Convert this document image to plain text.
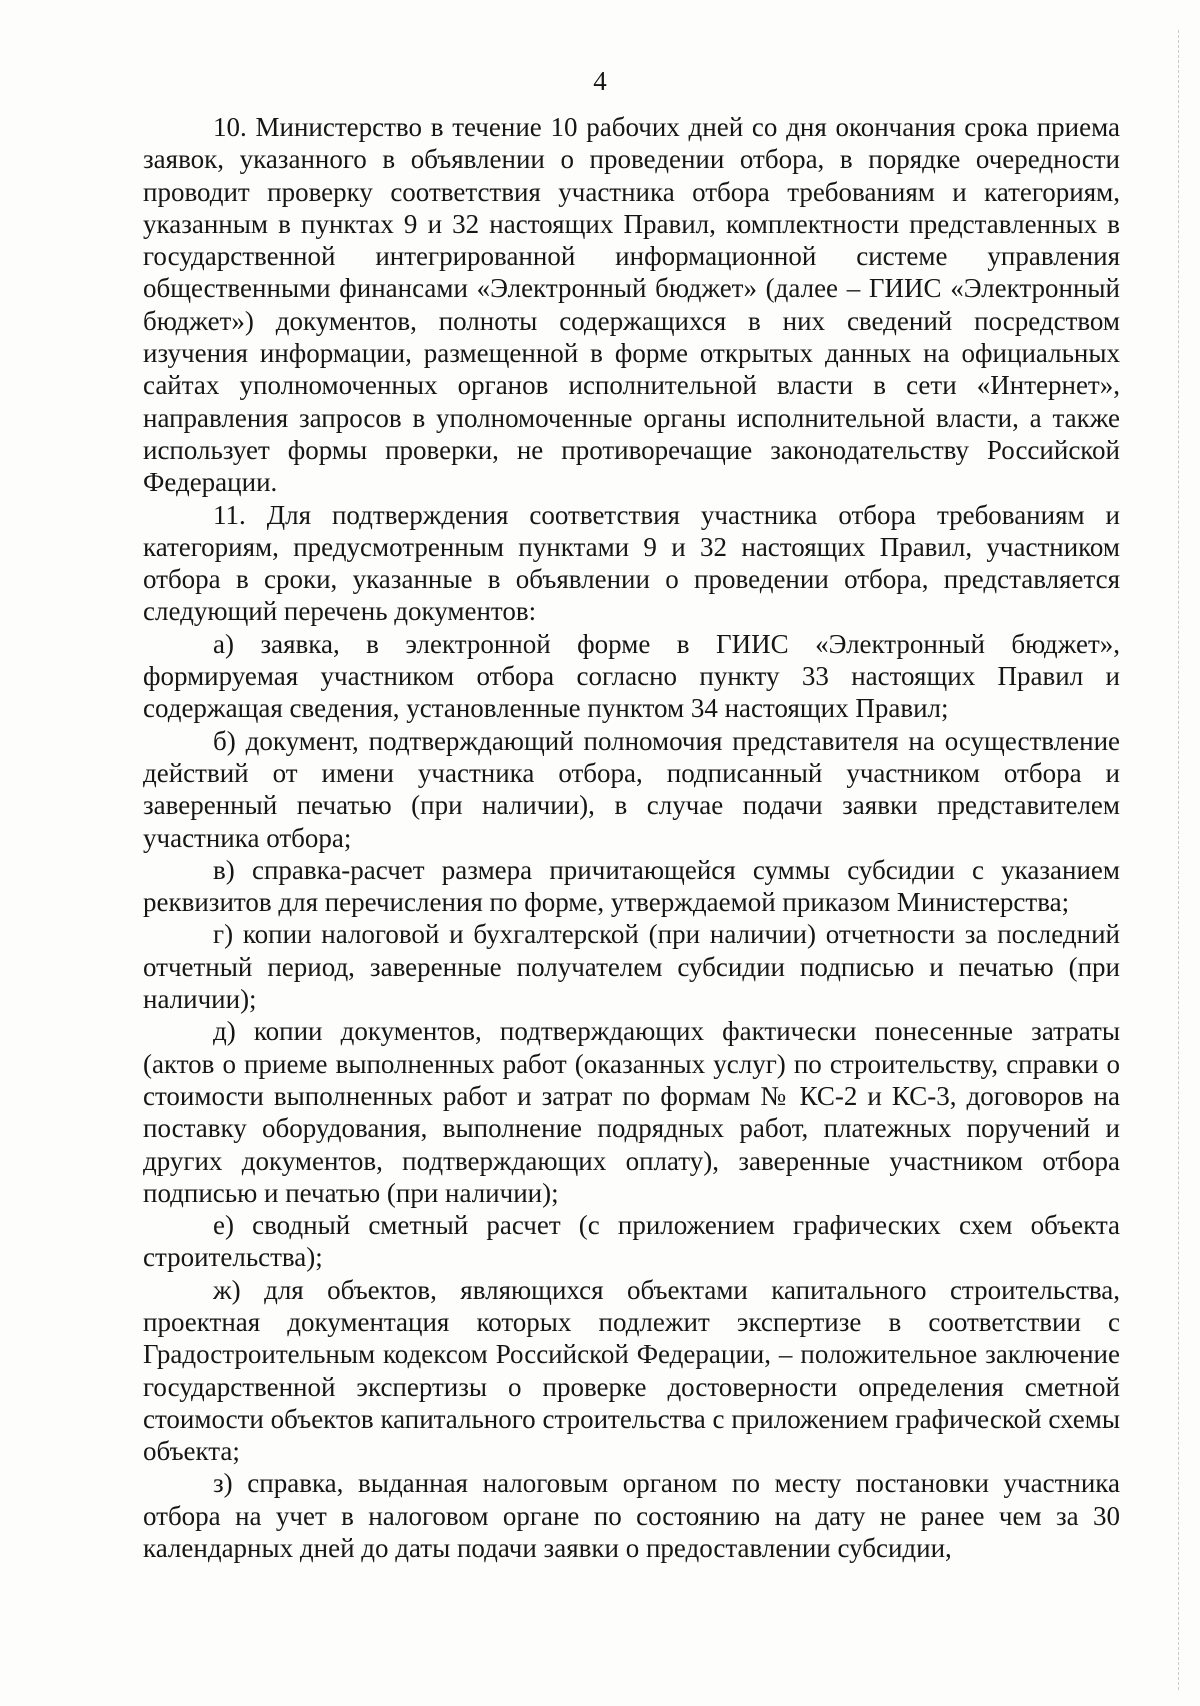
4

10. Министерство в течение 10 рабочих дней со дня окончания срока приема заявок, указанного в объявлении о проведении отбора, в порядке очередности проводит проверку соответствия участника отбора требованиям и категориям, указанным в пунктах 9 и 32 настоящих Правил, комплектности представленных в государственной интегрированной информационной системе управления общественными финансами «Электронный бюджет» (далее – ГИИС «Электронный бюджет») документов, полноты содержащихся в них сведений посредством изучения информации, размещенной в форме открытых данных на официальных сайтах уполномоченных органов исполнительной власти в сети «Интернет», направления запросов в уполномоченные органы исполнительной власти, а также использует формы проверки, не противоречащие законодательству Российской Федерации.

11. Для подтверждения соответствия участника отбора требованиям и категориям, предусмотренным пунктами 9 и 32 настоящих Правил, участником отбора в сроки, указанные в объявлении о проведении отбора, представляется следующий перечень документов:

а) заявка, в электронной форме в ГИИС «Электронный бюджет», формируемая участником отбора согласно пункту 33 настоящих Правил и содержащая сведения, установленные пунктом 34 настоящих Правил;

б) документ, подтверждающий полномочия представителя на осуществление действий от имени участника отбора, подписанный участником отбора и заверенный печатью (при наличии), в случае подачи заявки представителем участника отбора;

в) справка-расчет размера причитающейся суммы субсидии с указанием реквизитов для перечисления по форме, утверждаемой приказом Министерства;

г) копии налоговой и бухгалтерской (при наличии) отчетности за последний отчетный период, заверенные получателем субсидии подписью и печатью (при наличии);

д) копии документов, подтверждающих фактически понесенные затраты (актов о приеме выполненных работ (оказанных услуг) по строительству, справки о стоимости выполненных работ и затрат по формам № КС-2 и КС-3, договоров на поставку оборудования, выполнение подрядных работ, платежных поручений и других документов, подтверждающих оплату), заверенные участником отбора подписью и печатью (при наличии);

е) сводный сметный расчет (с приложением графических схем объекта строительства);

ж) для объектов, являющихся объектами капитального строительства, проектная документация которых подлежит экспертизе в соответствии с Градостроительным кодексом Российской Федерации, – положительное заключение государственной экспертизы о проверке достоверности определения сметной стоимости объектов капитального строительства с приложением графической схемы объекта;

з) справка, выданная налоговым органом по месту постановки участника отбора на учет в налоговом органе по состоянию на дату не ранее чем за 30 календарных дней до даты подачи заявки о предоставлении субсидии,
